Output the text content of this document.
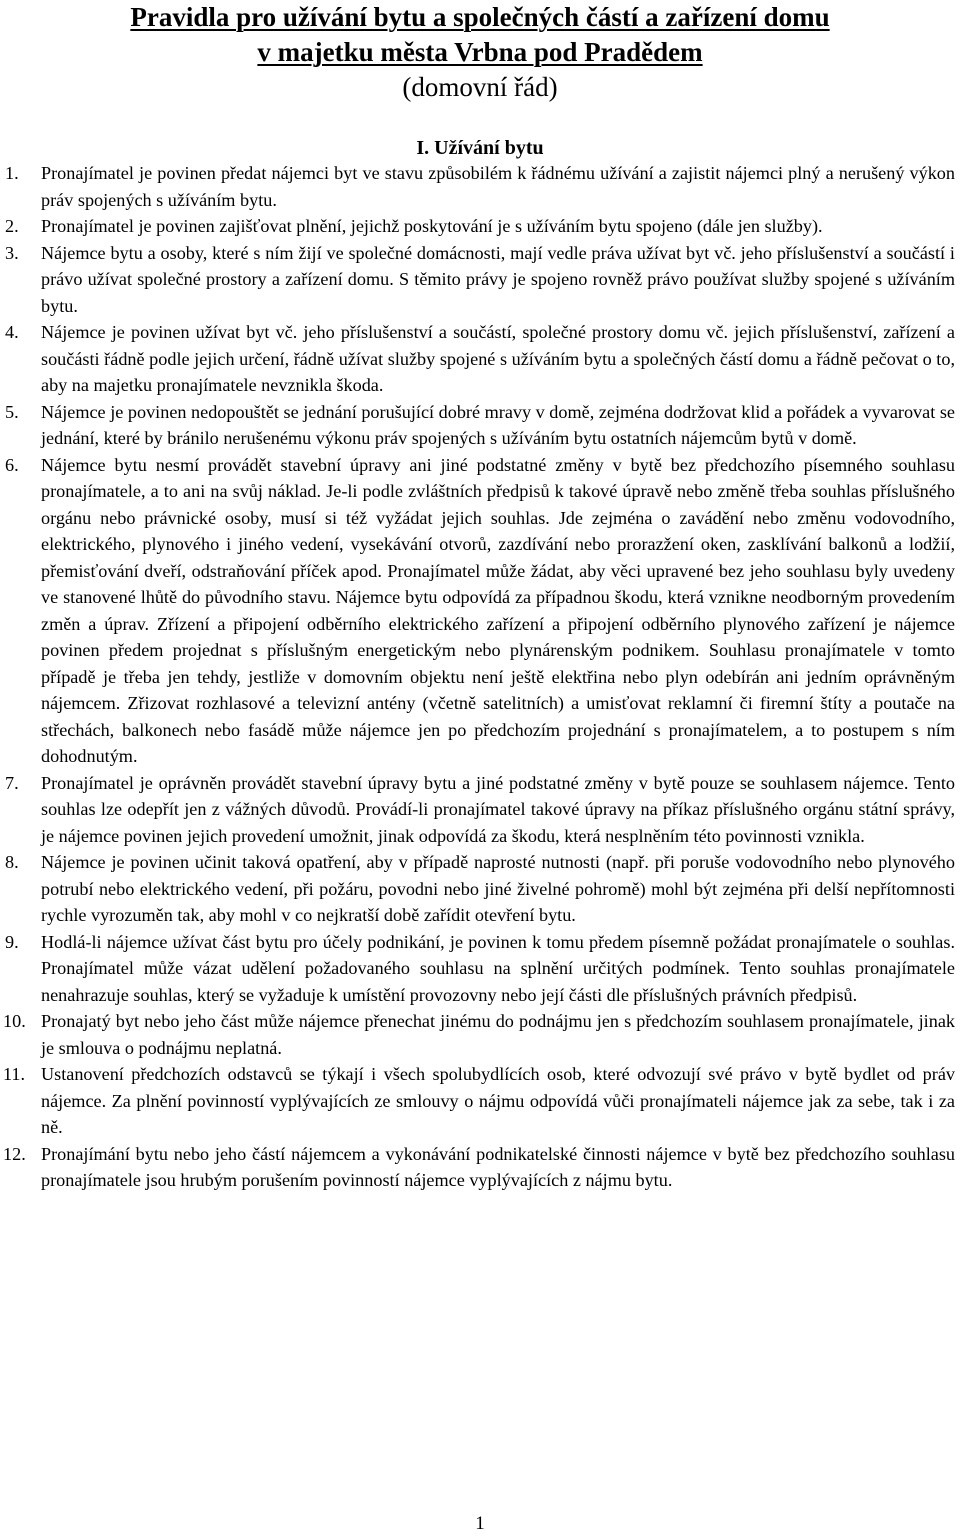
Pravidla pro užívání bytu a společných částí a zařízení domu
v majetku města Vrbna pod Pradědem
(domovní řád)
I. Užívání bytu
1.	Pronajímatel je povinen předat nájemci byt ve stavu způsobilém k řádnému užívání a zajistit nájemci plný a nerušený výkon práv spojených s užíváním bytu.
2.	Pronajímatel je povinen zajišťovat plnění, jejichž poskytování je s užíváním bytu spojeno (dále jen služby).
3.	Nájemce bytu a osoby, které s ním žijí ve společné domácnosti, mají vedle práva užívat byt vč. jeho příslušenství a součástí i právo užívat společné prostory a zařízení domu. S těmito právy je spojeno rovněž právo používat služby spojené s užíváním bytu.
4.	Nájemce je povinen užívat byt vč. jeho příslušenství a součástí, společné prostory domu vč. jejich příslušenství, zařízení a součásti řádně podle jejich určení, řádně užívat služby spojené s užíváním bytu a společných částí domu a řádně pečovat o to, aby na majetku pronajímatele nevznikla škoda.
5.	Nájemce je povinen nedopouštět se jednání porušující dobré mravy v domě, zejména dodržovat klid a pořádek a vyvarovat se jednání, které by bránilo nerušenému výkonu práv spojených s užíváním bytu ostatních nájemcům bytů v domě.
6.	Nájemce bytu nesmí provádět stavební úpravy ani jiné podstatné změny v bytě bez předchozího písemného souhlasu pronajímatele, a to ani na svůj náklad. Je-li podle zvláštních předpisů k takové úpravě nebo změně třeba souhlas příslušného orgánu nebo právnické osoby, musí si též vyžádat jejich souhlas. Jde zejména o zavádění nebo změnu vodovodního, elektrického, plynového i jiného vedení, vysekávání otvorů, zazdívání nebo prorazžení oken, zasklívání balkonů a lodžií, přemisťování dveří, odstraňování příček apod. Pronajímatel může žádat, aby věci upravené bez jeho souhlasu byly uvedeny ve stanovené lhůtě do původního stavu. Nájemce bytu odpovídá za případnou škodu, která vznikne neodborným provedením změn a úprav. Zřízení a připojení odběrního elektrického zařízení a připojení odběrního plynového zařízení je nájemce povinen předem projednat s příslušným energetickým nebo plynárenským podnikem. Souhlasu pronajímatele v tomto případě je třeba jen tehdy, jestliže v domovním objektu není ještě elektřina nebo plyn odebírán ani jedním oprávněným nájemcem. Zřizovat rozhlasové a televizní antény (včetně satelitních) a umisťovat reklamní či firemní štíty a poutače na střechách, balkonech nebo fasádě může nájemce jen po předchozím projednání s pronajímatelem, a to postupem s ním dohodnutým.
7.	Pronajímatel je oprávněn provádět stavební úpravy bytu a jiné podstatné změny v bytě pouze se souhlasem nájemce. Tento souhlas lze odepřít jen z vážných důvodů. Provádí-li pronajímatel takové úpravy na příkaz příslušného orgánu státní správy, je nájemce povinen jejich provedení umožnit, jinak odpovídá za škodu, která nesplněním této povinnosti vznikla.
8.	Nájemce je povinen učinit taková opatření, aby v případě naprosté nutnosti (např. při poruše vodovodního nebo plynového potrubí nebo elektrického vedení, při požáru, povodni nebo jiné živelné pohromě) mohl být zejména při delší nepřítomnosti rychle vyrozuměn tak, aby mohl v co nejkratší době zařídit otevření bytu.
9.	Hodlá-li nájemce užívat část bytu pro účely podnikání, je povinen k tomu předem písemně požádat pronajímatele o souhlas. Pronajímatel může vázat udělení požadovaného souhlasu na splnění určitých podmínek. Tento souhlas pronajímatele nenahrazuje souhlas, který se vyžaduje k umístění provozovny nebo její části dle příslušných právních předpisů.
10. Pronajatý byt nebo jeho část může nájemce přenechat jinému do podnájmu jen s předchozím souhlasem pronajímatele, jinak je smlouva o podnájmu neplatná.
11. Ustanovení předchozích odstavců se týkají i všech spolubydlících osob, které odvozují své právo v bytě bydlet od práv nájemce. Za plnění povinností vyplývajících ze smlouvy o nájmu odpovídá vůči pronajímateli nájemce jak za sebe, tak i za ně.
12. Pronajímání bytu nebo jeho částí nájemcem a vykonávání podnikatelské činnosti nájemce v bytě bez předchozího souhlasu pronajímatele jsou hrubým porušením povinností nájemce vyplývajících z nájmu bytu.
1
